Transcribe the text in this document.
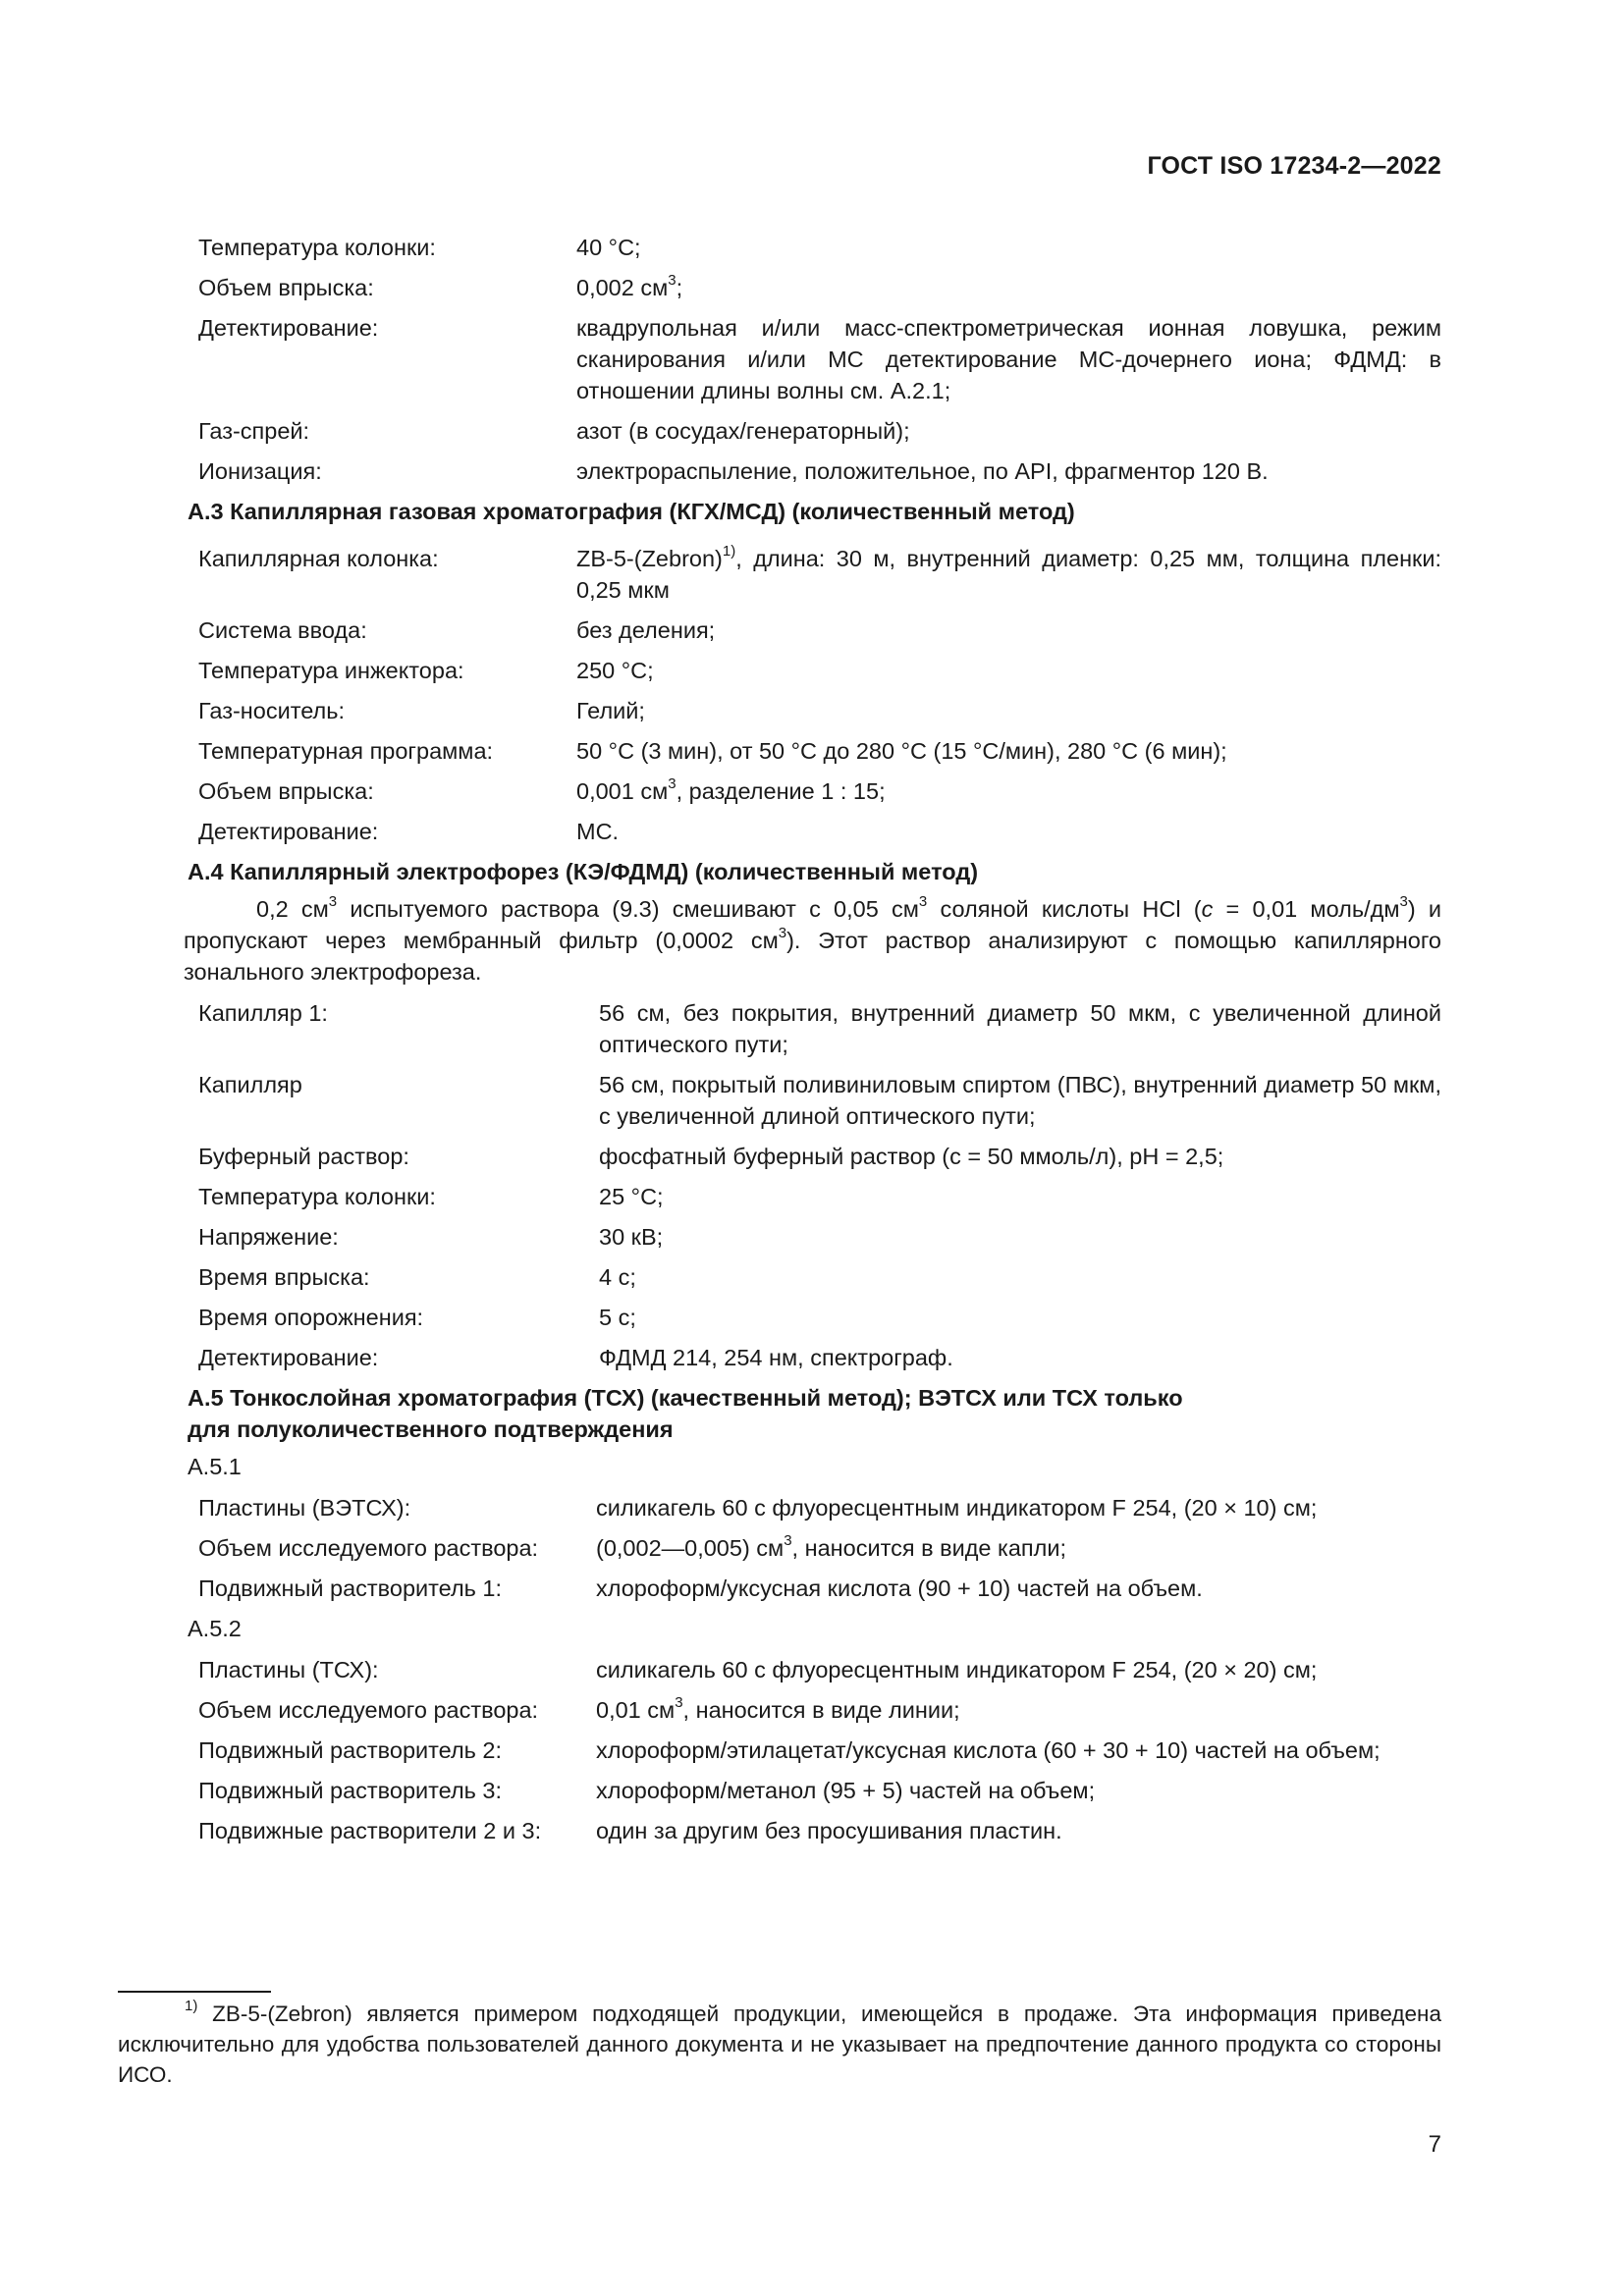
ГОСТ ISO 17234-2—2022
Температура колонки:	40 °C;
Объем впрыска:	0,002 $см^3$;
Детектирование:	квадрупольная и/или масс-спектрометрическая ионная ловушка, режим сканирования и/или МС детектирование МС-дочернего иона; ФДМД: в отношении длины волны см. А.2.1;
Газ-спрей:	азот (в сосудах/генераторный);
Ионизация:	электрораспыление, положительное, по API, фрагментор 120 В.
А.3 Капиллярная газовая хроматография (КГХ/МСД) (количественный метод)
Капиллярная колонка:	ZB-5-(Zebron)$^{1)}$, длина: 30 м, внутренний диаметр: 0,25 мм, толщина пленки: 0,25 мкм
Система ввода:	без деления;
Температура инжектора:	250 °C;
Газ-носитель:	Гелий;
Температурная программа:	50 °C (3 мин), от 50 °C до 280 °C (15 °С/мин), 280 °C (6 мин);
Объем впрыска:	0,001 $см^3$, разделение 1 : 15;
Детектирование:	МС.
А.4 Капиллярный электрофорез (КЭ/ФДМД) (количественный метод)
0,2 $см^3$ испытуемого раствора (9.3) смешивают с 0,05 $см^3$ соляной кислоты HCl (c = 0,01 моль/$дм^3$) и пропускают через мембранный фильтр (0,0002 $см^3$). Этот раствор анализируют с помощью капиллярного зонального электрофореза.
Капилляр 1:	56 см, без покрытия, внутренний диаметр 50 мкм, с увеличенной длиной оптического пути;
Капилляр	56 см, покрытый поливиниловым спиртом (ПВС), внутренний диаметр 50 мкм, с увеличенной длиной оптического пути;
Буферный раствор:	фосфатный буферный раствор (c = 50 ммоль/л), pH = 2,5;
Температура колонки:	25 °C;
Напряжение:	30 кВ;
Время впрыска:	4 с;
Время опорожнения:	5 с;
Детектирование:	ФДМД 214, 254 нм, спектрограф.
А.5 Тонкослойная хроматография (ТСХ) (качественный метод); ВЭТСХ или ТСХ только
для полуколичественного подтверждения
А.5.1
Пластины (ВЭТСХ):	силикагель 60 с флуоресцентным индикатором F 254, (20 × 10) см;
Объем исследуемого раствора:	(0,002—0,005) $см^3$, наносится в виде капли;
Подвижный растворитель 1:	хлороформ/уксусная кислота (90 + 10) частей на объем.
А.5.2
Пластины (ТСХ):	силикагель 60 с флуоресцентным индикатором F 254, (20 × 20) см;
Объем исследуемого раствора:	0,01 $см^3$, наносится в виде линии;
Подвижный растворитель 2:	хлороформ/этилацетат/уксусная кислота (60 + 30 + 10) частей на объем;
Подвижный растворитель 3:	хлороформ/метанол (95 + 5) частей на объем;
Подвижные растворители 2 и 3:	один за другим без просушивания пластин.
$^{1)}$ ZB-5-(Zebron) является примером подходящей продукции, имеющейся в продаже. Эта информация приведена исключительно для удобства пользователей данного документа и не указывает на предпочтение данного продукта со стороны ИСО.
7
